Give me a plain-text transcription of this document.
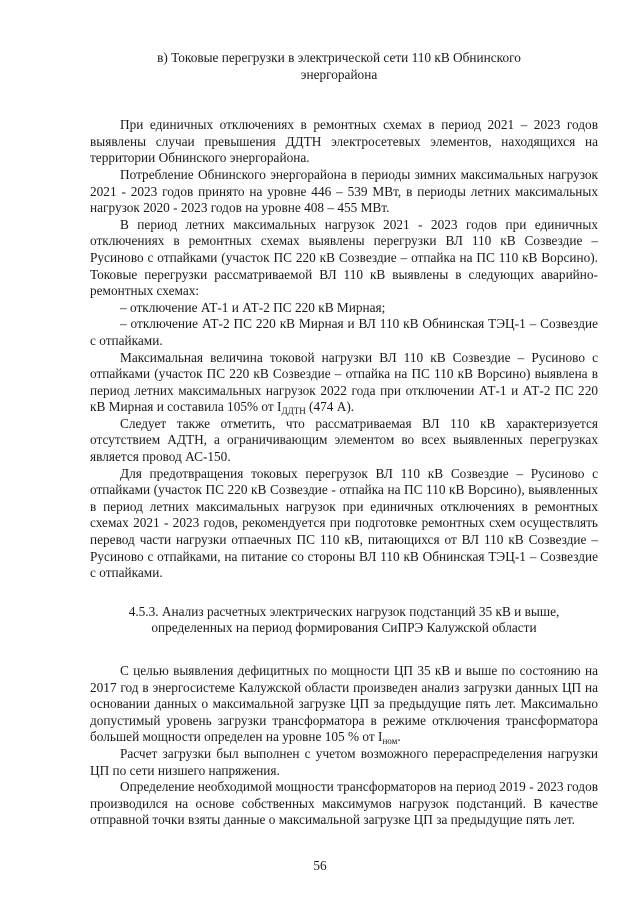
в) Токовые перегрузки в электрической сети 110 кВ Обнинского энергорайона

При единичных отключениях в ремонтных схемах в период 2021 – 2023 годов выявлены случаи превышения ДДТН электросетевых элементов, находящихся на территории Обнинского энергорайона.

Потребление Обнинского энергорайона в периоды зимних максимальных нагрузок 2021 - 2023 годов принято на уровне 446 – 539 МВт, в периоды летних максимальных нагрузок 2020 - 2023 годов на уровне 408 – 455 МВт.

В период летних максимальных нагрузок 2021 - 2023 годов при единичных отключениях в ремонтных схемах выявлены перегрузки ВЛ 110 кВ Созвездие – Русиново с отпайками (участок ПС 220 кВ Созвездие – отпайка на ПС 110 кВ Ворсино). Токовые перегрузки рассматриваемой ВЛ 110 кВ выявлены в следующих аварийно-ремонтных схемах:

– отключение АТ-1 и АТ-2 ПС 220 кВ Мирная;

– отключение АТ-2 ПС 220 кВ Мирная и ВЛ 110 кВ Обнинская ТЭЦ-1 – Созвездие с отпайками.

Максимальная величина токовой нагрузки ВЛ 110 кВ Созвездие – Русиново с отпайками (участок ПС 220 кВ Созвездие – отпайка на ПС 110 кВ Ворсино) выявлена в период летних максимальных нагрузок 2022 года при отключении АТ-1 и АТ-2 ПС 220 кВ Мирная и составила 105% от $I_{ДДТН}$ (474 А).

Следует также отметить, что рассматриваемая ВЛ 110 кВ характеризуется отсутствием АДТН, а ограничивающим элементом во всех выявленных перегрузках является провод АС-150.

Для предотвращения токовых перегрузок ВЛ 110 кВ Созвездие – Русиново с отпайками (участок ПС 220 кВ Созвездие - отпайка на ПС 110 кВ Ворсино), выявленных в период летних максимальных нагрузок при единичных отключениях в ремонтных схемах 2021 - 2023 годов, рекомендуется при подготовке ремонтных схем осуществлять перевод части нагрузки отпаечных ПС 110 кВ, питающихся от ВЛ 110 кВ Созвездие – Русиново с отпайками, на питание со стороны ВЛ 110 кВ Обнинская ТЭЦ-1 – Созвездие с отпайками.

4.5.3. Анализ расчетных электрических нагрузок подстанций 35 кВ и выше,
определенных на период формирования СиПРЭ Калужской области

С целью выявления дефицитных по мощности ЦП 35 кВ и выше по состоянию на 2017 год в энергосистеме Калужской области произведен анализ загрузки данных ЦП на основании данных о максимальной загрузке ЦП за предыдущие пять лет. Максимально допустимый уровень загрузки трансформатора в режиме отключения трансформатора большей мощности определен на уровне 105 % от $I_{ном}$.

Расчет загрузки был выполнен с учетом возможного перераспределения нагрузки ЦП по сети низшего напряжения.

Определение необходимой мощности трансформаторов на период 2019 - 2023 годов производился на основе собственных максимумов нагрузок подстанций. В качестве отправной точки взяты данные о максимальной загрузке ЦП за предыдущие пять лет.

56
